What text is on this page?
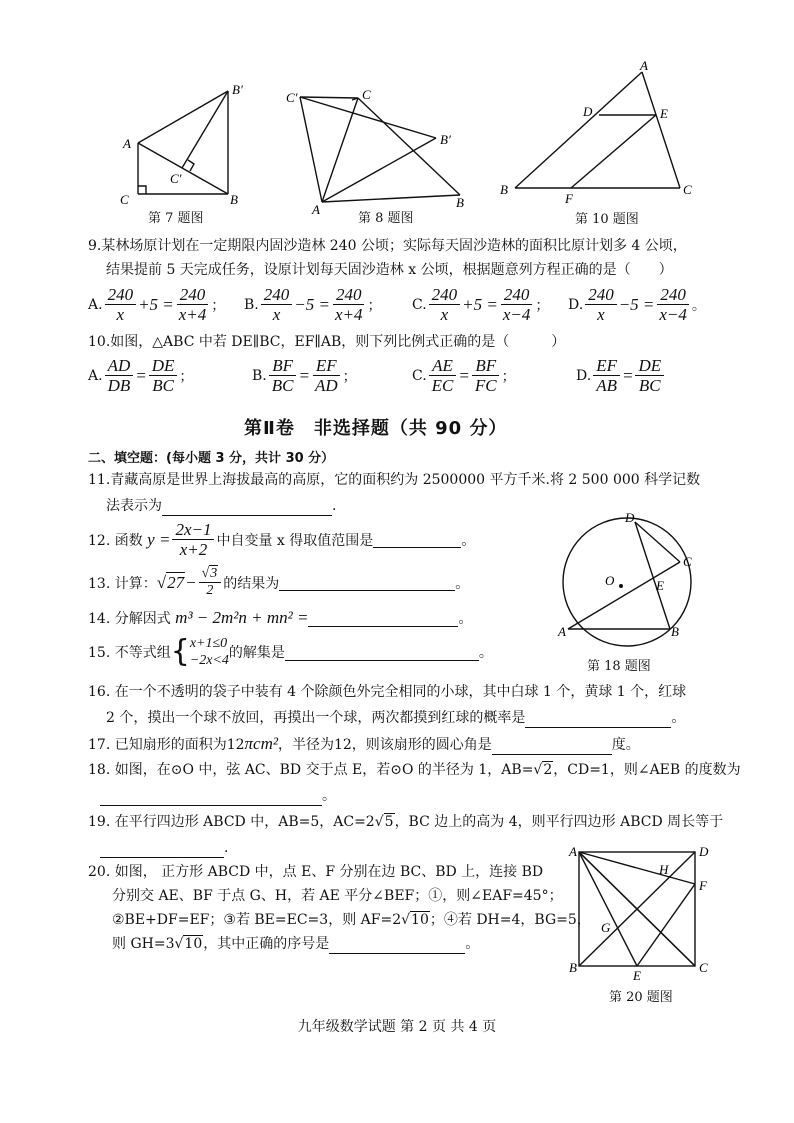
A
B′
C
C′
B
第 7 题图
C′	C
B′
A	B
第 8 题图
A
D	E
B
F
C
第 10 题图
9.某林场原计划在一定期限内固沙造林 240 公顷；实际每天固沙造林的面积比原计划多 4 公顷，
结果提前 5 天完成任务，设原计划每天固沙造林 x 公顷，根据题意列方程正确的是（　　）
A. $\frac{240}{x} +5 = \frac{240}{x+4}$ ； B. $\frac{240}{x} -5 = \frac{240}{x+4}$ ； C. $\frac{240}{x} +5 = \frac{240}{x-4}$ ； D. $\frac{240}{x} -5 = \frac{240}{x-4}$ 。
10.如图，△ABC 中若 DE∥BC，EF∥AB，则下列比例式正确的是（　　　）
A. $\frac{AD}{DB} = \frac{DE}{BC}$ ；	B. $\frac{BF}{BC} = \frac{EF}{AD}$ ；	C. $\frac{AE}{EC} = \frac{BF}{FC}$ ；	D. $\frac{EF}{AB} = \frac{DE}{BC}$
第Ⅱ卷　非选择题（共 90 分）
二、填空题：(每小题 3 分，共计 30 分）
11.青藏高原是世界上海拔最高的高原，它的面积约为 2500000 平方千米.将 2 500 000 科学记数
法表示为	.
12. 函数
$y = \frac{2x-1}{x+2}$ 中自变量 x 得取值范围是	。
13. 计算： √ $27 - \frac{√3}{2}$ 的结果为	。
14. 分解因式
m³ − 2m²n + mn² =	。
15. 不等式组 { x+1≤0
−2x<4 的解集是	。
D
C
O	E
A	B
第 18 题图
16. 在一个不透明的袋子中装有 4 个除颜色外完全相同的小球，其中白球 1 个，黄球 1 个，红球
2 个，摸出一个球不放回，再摸出一个球，两次都摸到红球的概率是	。
17. 已知扇形的面积为12πcm²，半径为12，则该扇形的圆心角是	度。
18. 如图，在⊙O 中，弦 AC、BD 交于点 E，若⊙O 的半径为 1，AB=√2，CD=1，则∠AEB 的度数为
。
19. 在平行四边形 ABCD 中，AB=5，AC=2√5，BC 边上的高为 4，则平行四边形 ABCD 周长等于
.
20. 如图， 正方形 ABCD 中，点 E、F 分别在边 BC、BD 上，连接 BD
分别交 AE、BF 于点 G、H，若 AE 平分∠BEF；①，则∠EAF=45°；
②BE+DF=EF；③若 BE=EC=3，则 AF=2√10；④若 DH=4，BG=5，
则 GH=3√10，其中正确的序号是	。
A	D
H
F
G
B
E
C
第 20 题图
九年级数学试题 第 2 页 共 4 页
